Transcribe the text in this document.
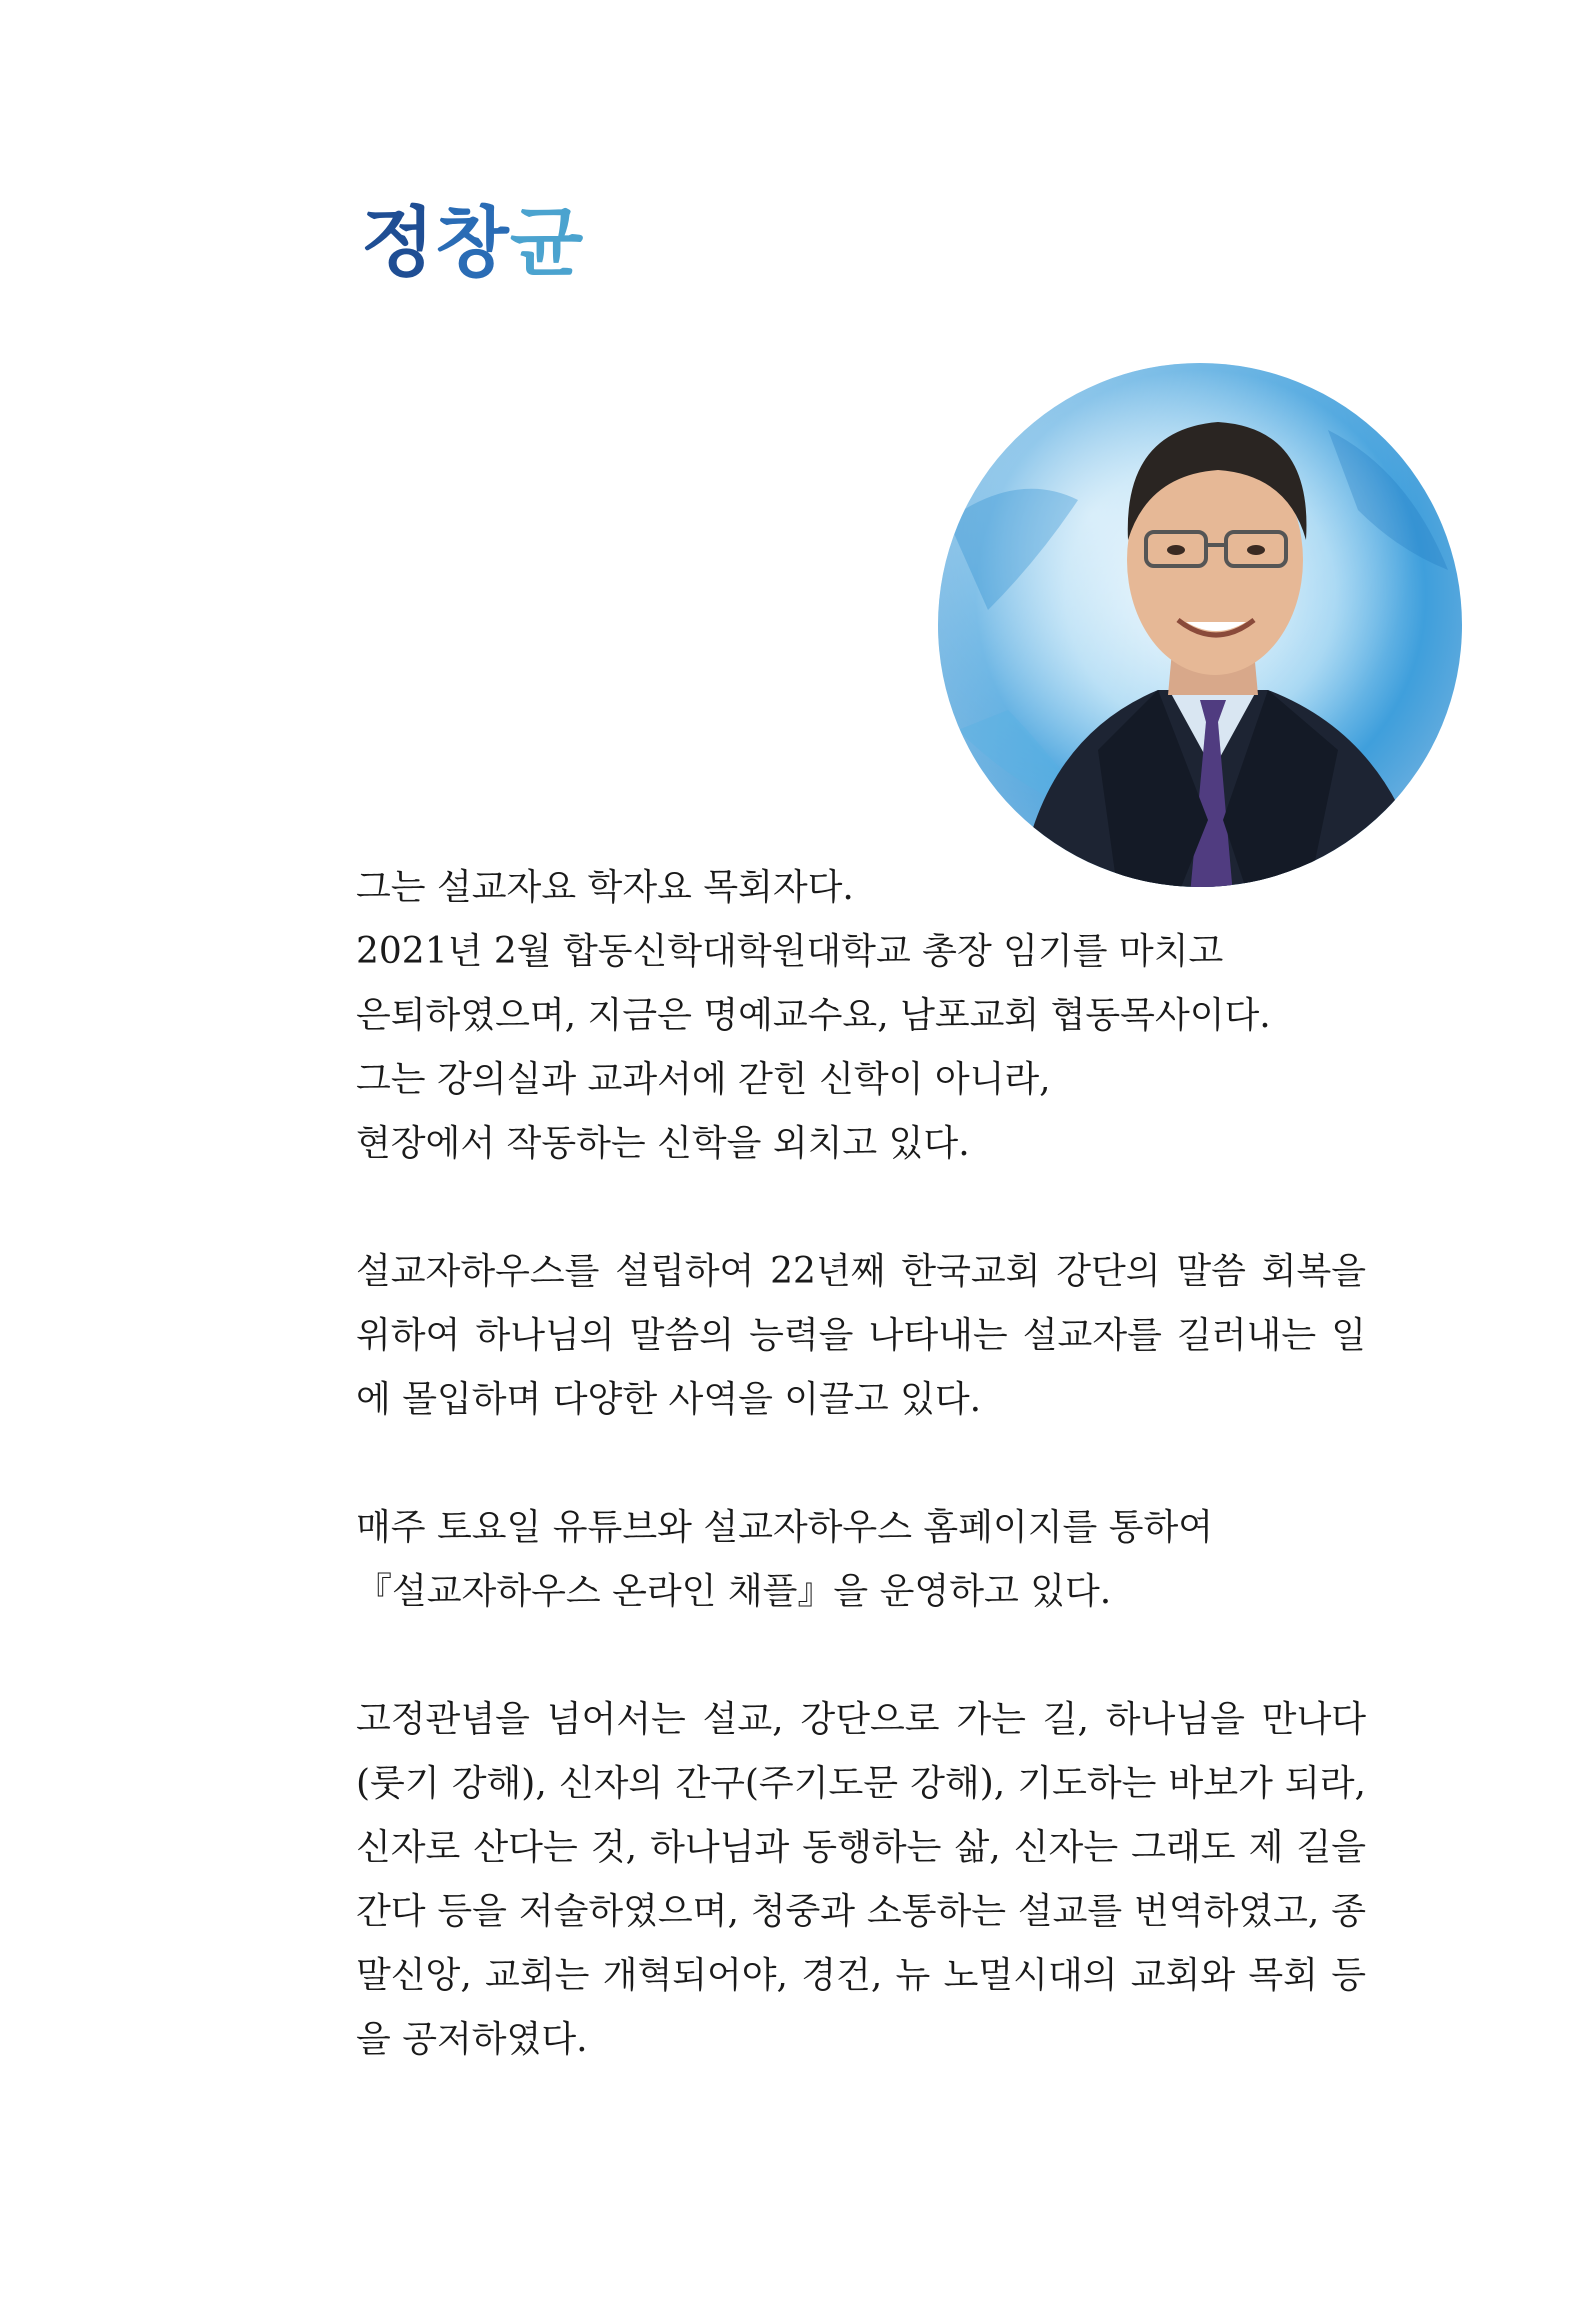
정창균

그는 설교자요 학자요 목회자다.
2021년 2월 합동신학대학원대학교 총장 임기를 마치고
은퇴하였으며, 지금은 명예교수요, 남포교회 협동목사이다.
그는 강의실과 교과서에 갇힌 신학이 아니라,
현장에서 작동하는 신학을 외치고 있다.

설교자하우스를 설립하여 22년째 한국교회 강단의 말씀 회복을 위하여 하나님의 말씀의 능력을 나타내는 설교자를 길러내는 일에 몰입하며 다양한 사역을 이끌고 있다.

매주 토요일 유튜브와 설교자하우스 홈페이지를 통하여
『설교자하우스 온라인 채플』을 운영하고 있다.

고정관념을 넘어서는 설교, 강단으로 가는 길, 하나님을 만나다(룻기 강해), 신자의 간구(주기도문 강해), 기도하는 바보가 되라, 신자로 산다는 것, 하나님과 동행하는 삶, 신자는 그래도 제 길을 간다 등을 저술하였으며, 청중과 소통하는 설교를 번역하였고, 종말신앙, 교회는 개혁되어야, 경건, 뉴 노멀시대의 교회와 목회 등을 공저하였다.
